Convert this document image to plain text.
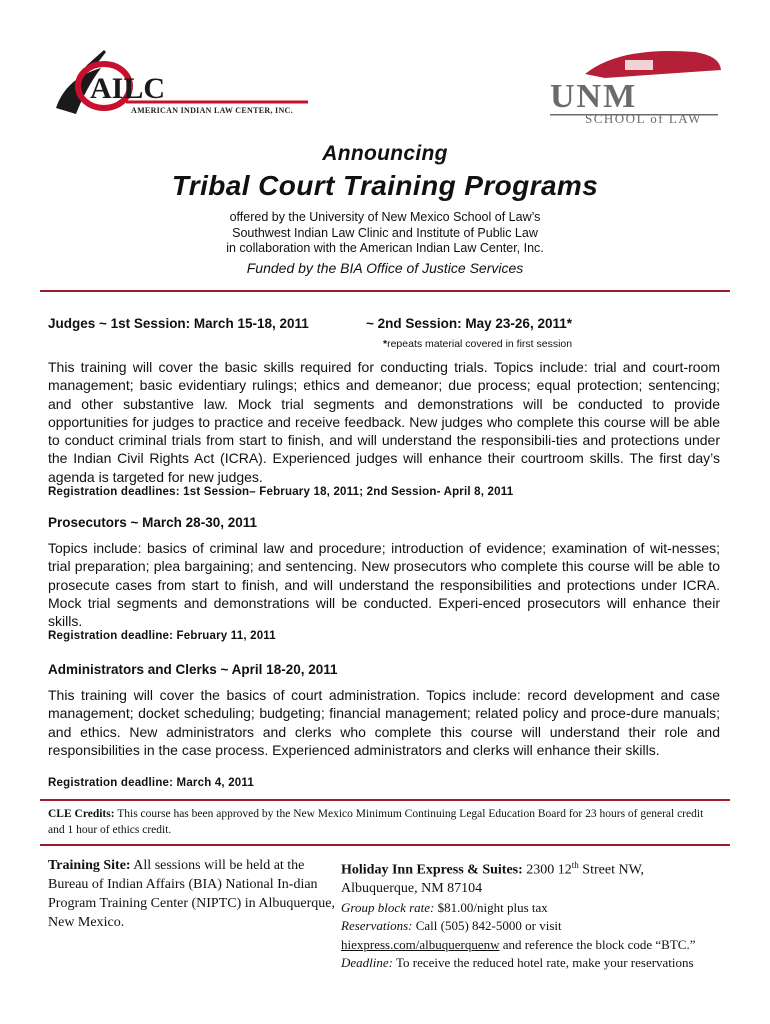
AILC
AMERICAN INDIAN LAW CENTER, INC.	UNM
SCHOOL of LAW
Announcing
Tribal Court Training Programs
offered by the University of New Mexico School of Law’s
Southwest Indian Law Clinic and Institute of Public Law
in collaboration with the American Indian Law Center, Inc.
Funded by the BIA Office of Justice Services
Judges ~ 1st Session: March 15-18, 2011	~ 2nd Session: May 23-26, 2011*
*repeats material covered in first session
This training will cover the basic skills required for conducting trials. Topics include: trial and court-room management; basic evidentiary rulings; ethics and demeanor; due process; equal protection; sentencing; and other substantive law. Mock trial segments and demonstrations will be conducted to provide opportunities for judges to practice and receive feedback. New judges who complete this course will be able to conduct criminal trials from start to finish, and will understand the responsibili-ties and protections under the Indian Civil Rights Act (ICRA). Experienced judges will enhance their courtroom skills. The first day’s agenda is targeted for new judges.
Registration deadlines: 1st Session– February 18, 2011; 2nd Session- April 8, 2011
Prosecutors ~ March 28-30, 2011
Topics include: basics of criminal law and procedure; introduction of evidence; examination of wit-nesses; trial preparation; plea bargaining; and sentencing. New prosecutors who complete this course will be able to prosecute cases from start to finish, and will understand the responsibilities and protections under ICRA. Mock trial segments and demonstrations will be conducted. Experi-enced prosecutors will enhance their skills.
Registration deadline: February 11, 2011
Administrators and Clerks ~ April 18-20, 2011
This training will cover the basics of court administration. Topics include: record development and case management; docket scheduling; budgeting; financial management; related policy and proce-dure manuals; and ethics. New administrators and clerks who complete this course will understand their role and responsibilities in the case process. Experienced administrators and clerks will enhance their skills.
Registration deadline: March 4, 2011
CLE Credits: This course has been approved by the New Mexico Minimum Continuing Legal Education Board for 23 hours of general credit and 1 hour of ethics credit.
Training Site: All sessions will be held at the Bureau of Indian Affairs (BIA) National In-dian Program Training Center (NIPTC) in Albuquerque, New Mexico.
Holiday Inn Express & Suites: 2300 12th Street NW,
Albuquerque, NM 87104
Group block rate: $81.00/night plus tax
Reservations: Call (505) 842-5000 or visit
hiexpress.com/albuquerquenw and reference the block code “BTC.”
Deadline: To receive the reduced hotel rate, make your reservations
